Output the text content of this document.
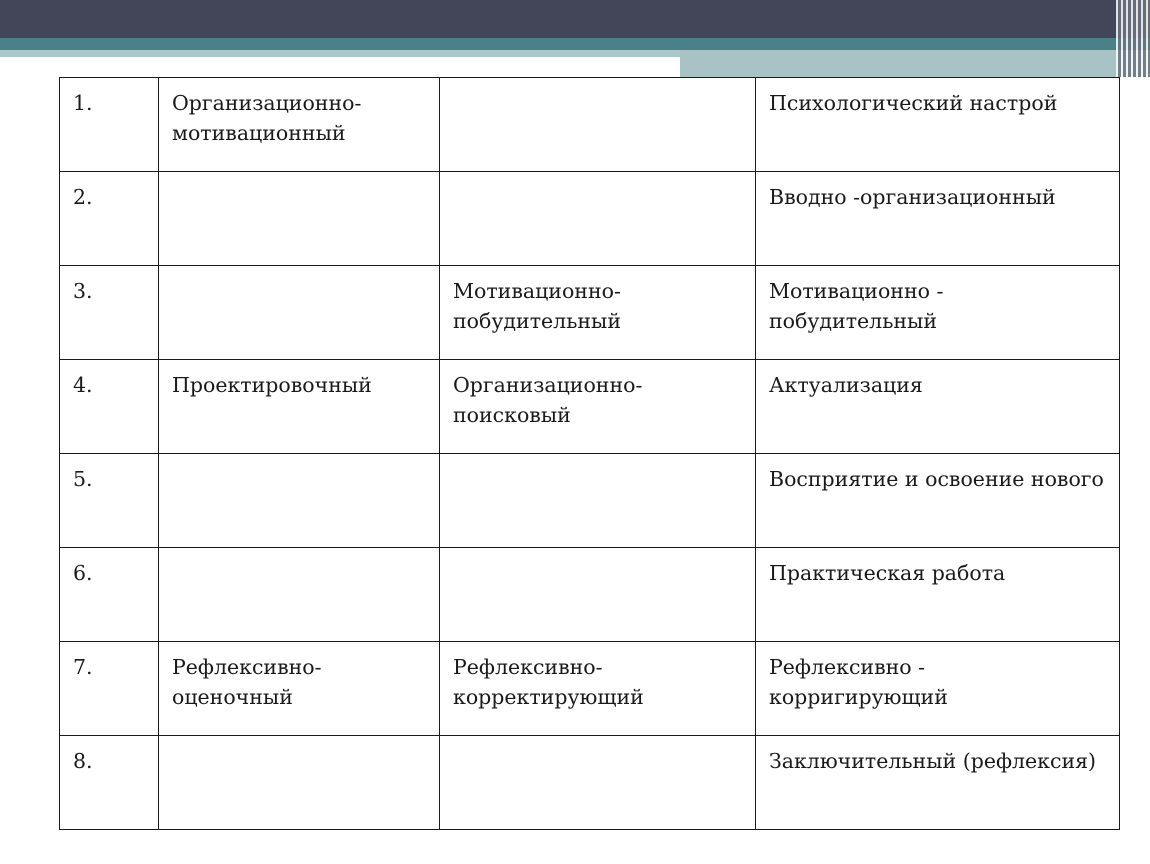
1.	Организационно-мотивационный		Психологический настрой
2.			Вводно -организационный
3.		Мотивационно-побудительный	Мотивационно - побудительный
4.	Проектировочный	Организационно-поисковый	Актуализация
5.			Восприятие и освоение нового
6.			Практическая работа
7.	Рефлексивно-оценочный	Рефлексивно-корректирующий	Рефлексивно - корригирующий
8.			Заключительный (рефлексия)
